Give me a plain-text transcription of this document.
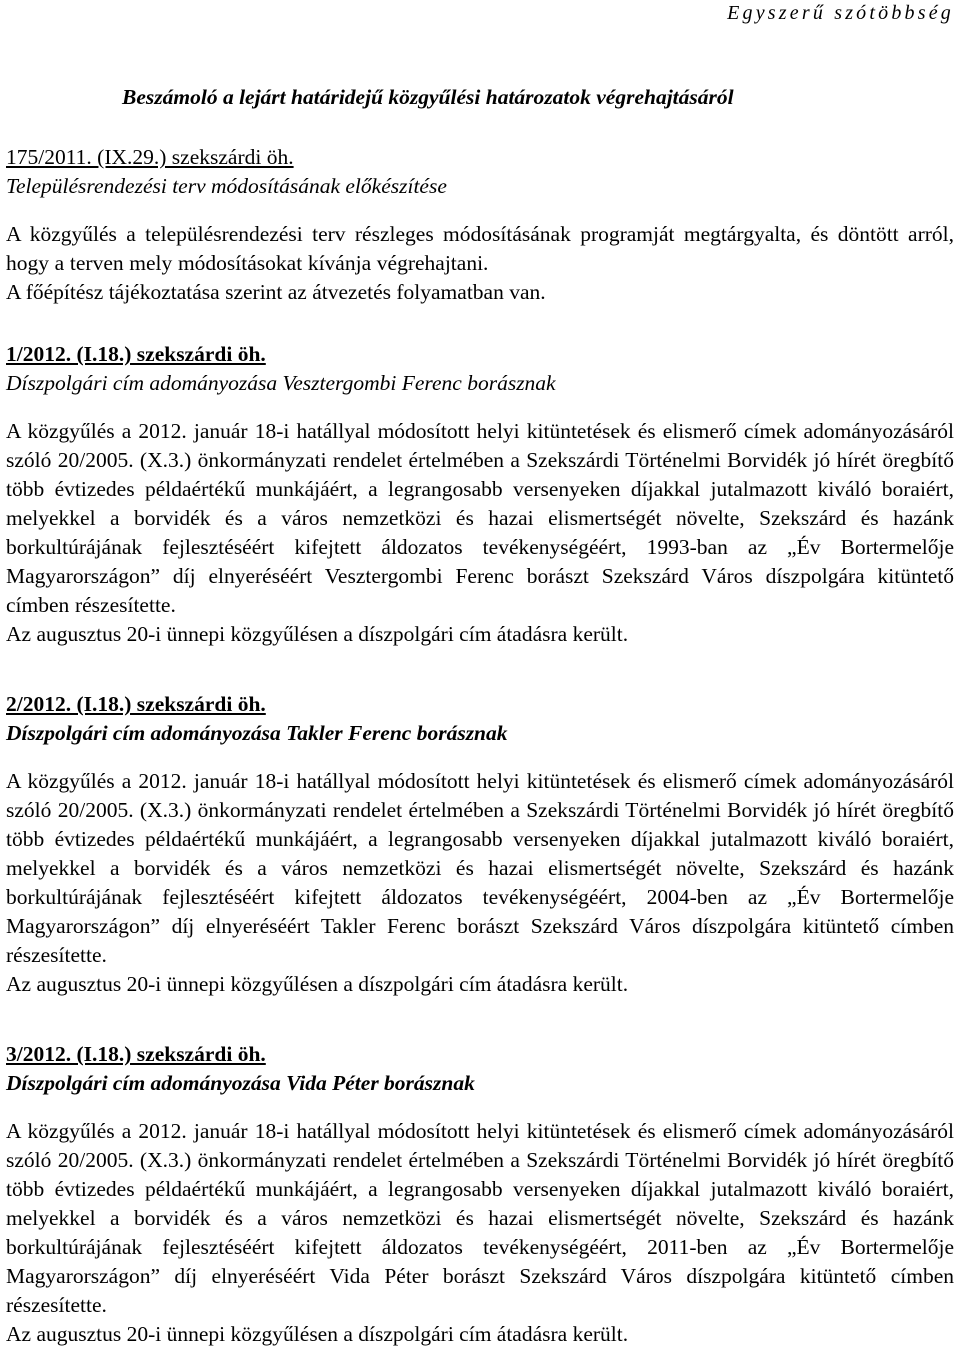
Egyszerű szótöbbség
Beszámoló a lejárt határidejű közgyűlési határozatok végrehajtásáról
175/2011. (IX.29.) szekszárdi öh.
Településrendezési terv módosításának előkészítése

A közgyűlés a településrendezési terv részleges módosításának programját megtárgyalta, és döntött arról, hogy a terven mely módosításokat kívánja végrehajtani.

A főépítész tájékoztatása szerint az átvezetés folyamatban van.

1/2012. (I.18.) szekszárdi öh.
Díszpolgári cím adományozása Vesztergombi Ferenc borásznak

A közgyűlés a 2012. január 18-i hatállyal módosított helyi kitüntetések és elismerő címek adományozásáról szóló 20/2005. (X.3.) önkormányzati rendelet értelmében a Szekszárdi Történelmi Borvidék jó hírét öregbítő több évtizedes példaértékű munkájáért, a legrangosabb versenyeken díjakkal jutalmazott kiváló boraiért, melyekkel a borvidék és a város nemzetközi és hazai elismertségét növelte, Szekszárd és hazánk borkultúrájának fejlesztéséért kifejtett áldozatos tevékenységéért, 1993-ban az „Év Bortermelője Magyarországon” díj elnyeréséért Vesztergombi Ferenc borászt Szekszárd Város díszpolgára kitüntető címben részesítette.

Az augusztus 20-i ünnepi közgyűlésen a díszpolgári cím átadásra került.

2/2012. (I.18.) szekszárdi öh.
Díszpolgári cím adományozása Takler Ferenc borásznak

A közgyűlés a 2012. január 18-i hatállyal módosított helyi kitüntetések és elismerő címek adományozásáról szóló 20/2005. (X.3.) önkormányzati rendelet értelmében a Szekszárdi Történelmi Borvidék jó hírét öregbítő több évtizedes példaértékű munkájáért, a legrangosabb versenyeken díjakkal jutalmazott kiváló boraiért, melyekkel a borvidék és a város nemzetközi és hazai elismertségét növelte, Szekszárd és hazánk borkultúrájának fejlesztéséért kifejtett áldozatos tevékenységéért, 2004-ben az „Év Bortermelője Magyarországon” díj elnyeréséért Takler Ferenc borászt Szekszárd Város díszpolgára kitüntető címben részesítette.

Az augusztus 20-i ünnepi közgyűlésen a díszpolgári cím átadásra került.

3/2012. (I.18.) szekszárdi öh.
Díszpolgári cím adományozása Vida Péter borásznak

A közgyűlés a 2012. január 18-i hatállyal módosított helyi kitüntetések és elismerő címek adományozásáról szóló 20/2005. (X.3.) önkormányzati rendelet értelmében a Szekszárdi Történelmi Borvidék jó hírét öregbítő több évtizedes példaértékű munkájáért, a legrangosabb versenyeken díjakkal jutalmazott kiváló boraiért, melyekkel a borvidék és a város nemzetközi és hazai elismertségét növelte, Szekszárd és hazánk borkultúrájának fejlesztéséért kifejtett áldozatos tevékenységéért, 2011-ben az „Év Bortermelője Magyarországon” díj elnyeréséért Vida Péter borászt Szekszárd Város díszpolgára kitüntető címben részesítette.

Az augusztus 20-i ünnepi közgyűlésen a díszpolgári cím átadásra került.
